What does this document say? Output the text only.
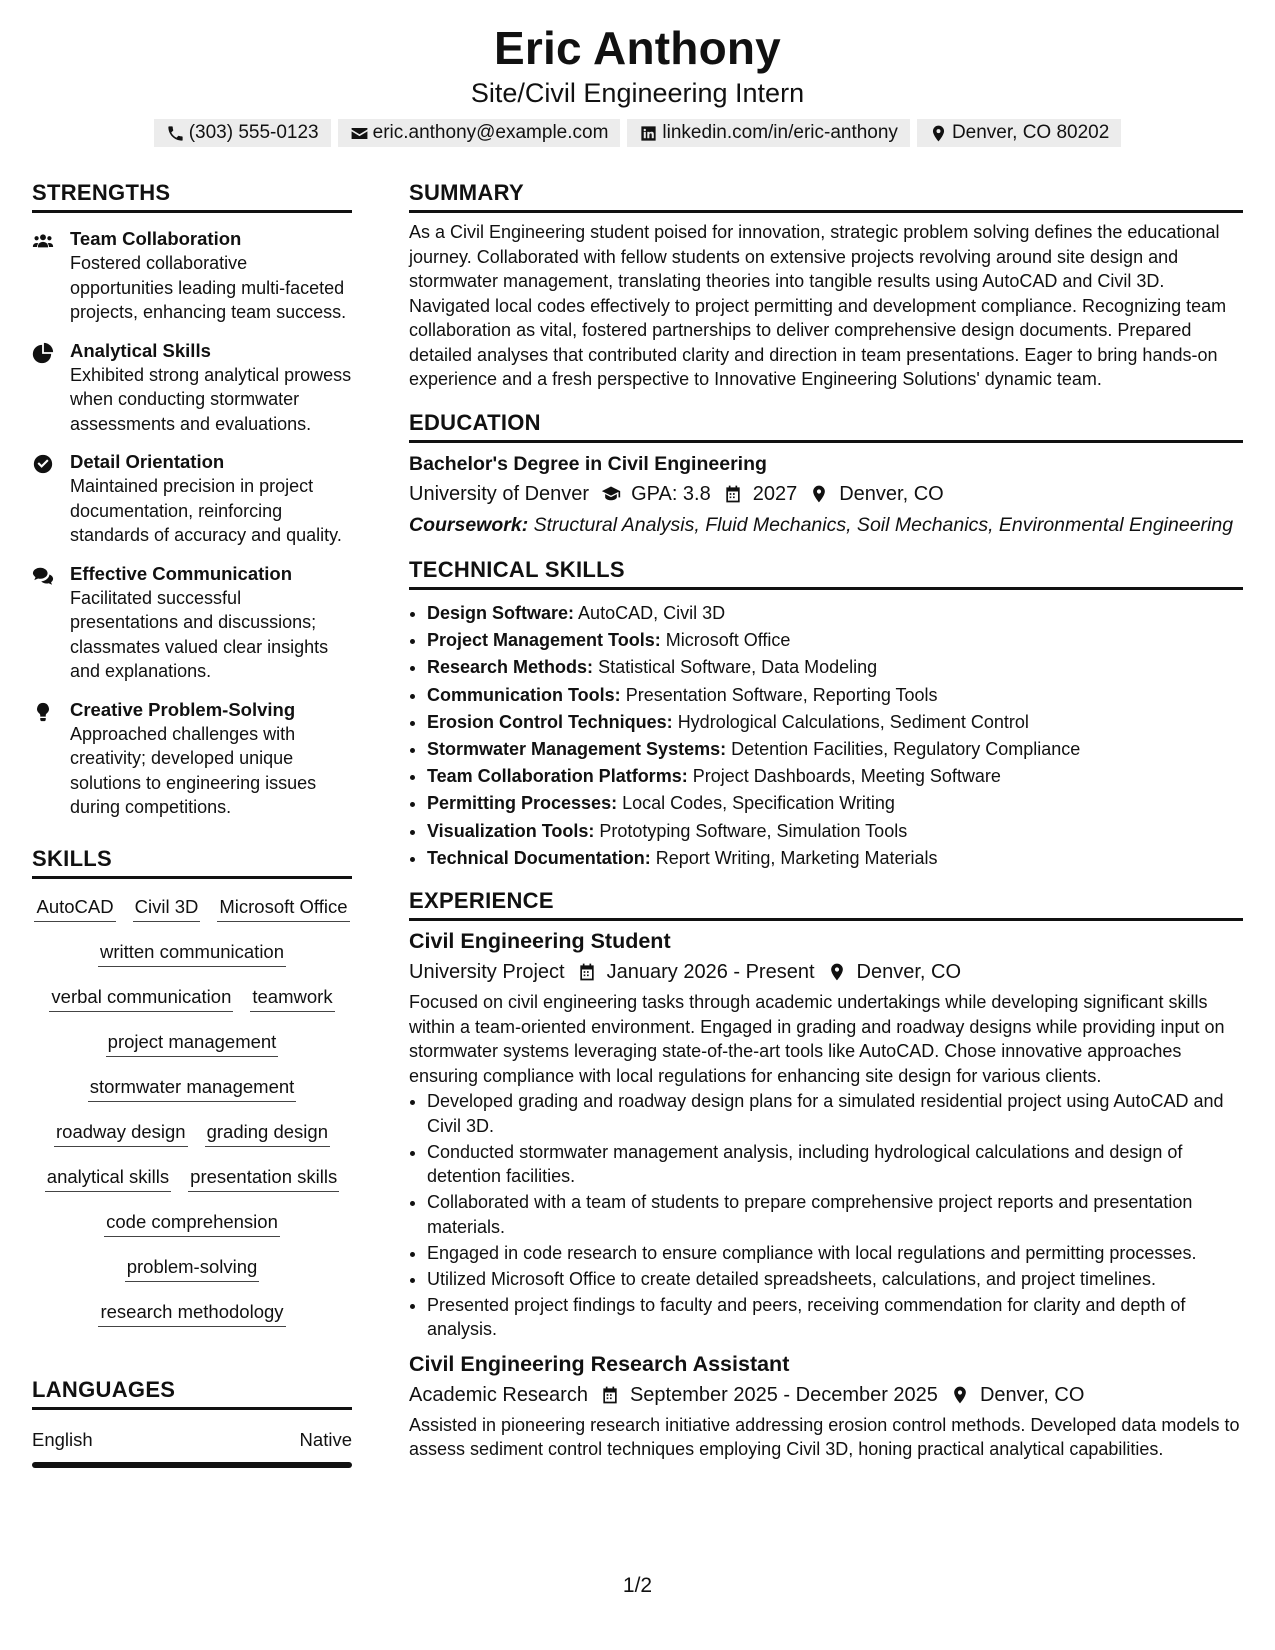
Eric Anthony
Site/Civil Engineering Intern
(303) 555-0123	eric.anthony@example.com	linkedin.com/in/eric-anthony	Denver, CO 80202
STRENGTHS
Team Collaboration
Fostered collaborative opportunities leading multi-faceted projects, enhancing team success.
Analytical Skills
Exhibited strong analytical prowess when conducting stormwater assessments and evaluations.
Detail Orientation
Maintained precision in project documentation, reinforcing standards of accuracy and quality.
Effective Communication
Facilitated successful presentations and discussions; classmates valued clear insights and explanations.
Creative Problem-Solving
Approached challenges with creativity; developed unique solutions to engineering issues during competitions.
SKILLS
AutoCAD Civil 3D Microsoft Office
written communication
verbal communication teamwork
project management
stormwater management
roadway design grading design
analytical skills presentation skills
code comprehension
problem-solving
research methodology
LANGUAGES
English	Native
SUMMARY
As a Civil Engineering student poised for innovation, strategic problem solving defines the educational journey. Collaborated with fellow students on extensive projects revolving around site design and stormwater management, translating theories into tangible results using AutoCAD and Civil 3D. Navigated local codes effectively to project permitting and development compliance. Recognizing team collaboration as vital, fostered partnerships to deliver comprehensive design documents. Prepared detailed analyses that contributed clarity and direction in team presentations. Eager to bring hands-on experience and a fresh perspective to Innovative Engineering Solutions' dynamic team.
EDUCATION
Bachelor's Degree in Civil Engineering
University of Denver GPA: 3.8 2027 Denver, CO
Coursework: Structural Analysis, Fluid Mechanics, Soil Mechanics, Environmental Engineering
TECHNICAL SKILLS
• Design Software: AutoCAD, Civil 3D
• Project Management Tools: Microsoft Office
• Research Methods: Statistical Software, Data Modeling
• Communication Tools: Presentation Software, Reporting Tools
• Erosion Control Techniques: Hydrological Calculations, Sediment Control
• Stormwater Management Systems: Detention Facilities, Regulatory Compliance
• Team Collaboration Platforms: Project Dashboards, Meeting Software
• Permitting Processes: Local Codes, Specification Writing
• Visualization Tools: Prototyping Software, Simulation Tools
• Technical Documentation: Report Writing, Marketing Materials
EXPERIENCE
Civil Engineering Student
University Project January 2026 - Present Denver, CO
Focused on civil engineering tasks through academic undertakings while developing significant skills within a team-oriented environment. Engaged in grading and roadway designs while providing input on stormwater systems leveraging state-of-the-art tools like AutoCAD. Chose innovative approaches ensuring compliance with local regulations for enhancing site design for various clients.
• Developed grading and roadway design plans for a simulated residential project using AutoCAD and Civil 3D.
• Conducted stormwater management analysis, including hydrological calculations and design of detention facilities.
• Collaborated with a team of students to prepare comprehensive project reports and presentation materials.
• Engaged in code research to ensure compliance with local regulations and permitting processes.
• Utilized Microsoft Office to create detailed spreadsheets, calculations, and project timelines.
• Presented project findings to faculty and peers, receiving commendation for clarity and depth of analysis.
Civil Engineering Research Assistant
Academic Research September 2025 - December 2025 Denver, CO
Assisted in pioneering research initiative addressing erosion control methods. Developed data models to assess sediment control techniques employing Civil 3D, honing practical analytical capabilities.
1/2
